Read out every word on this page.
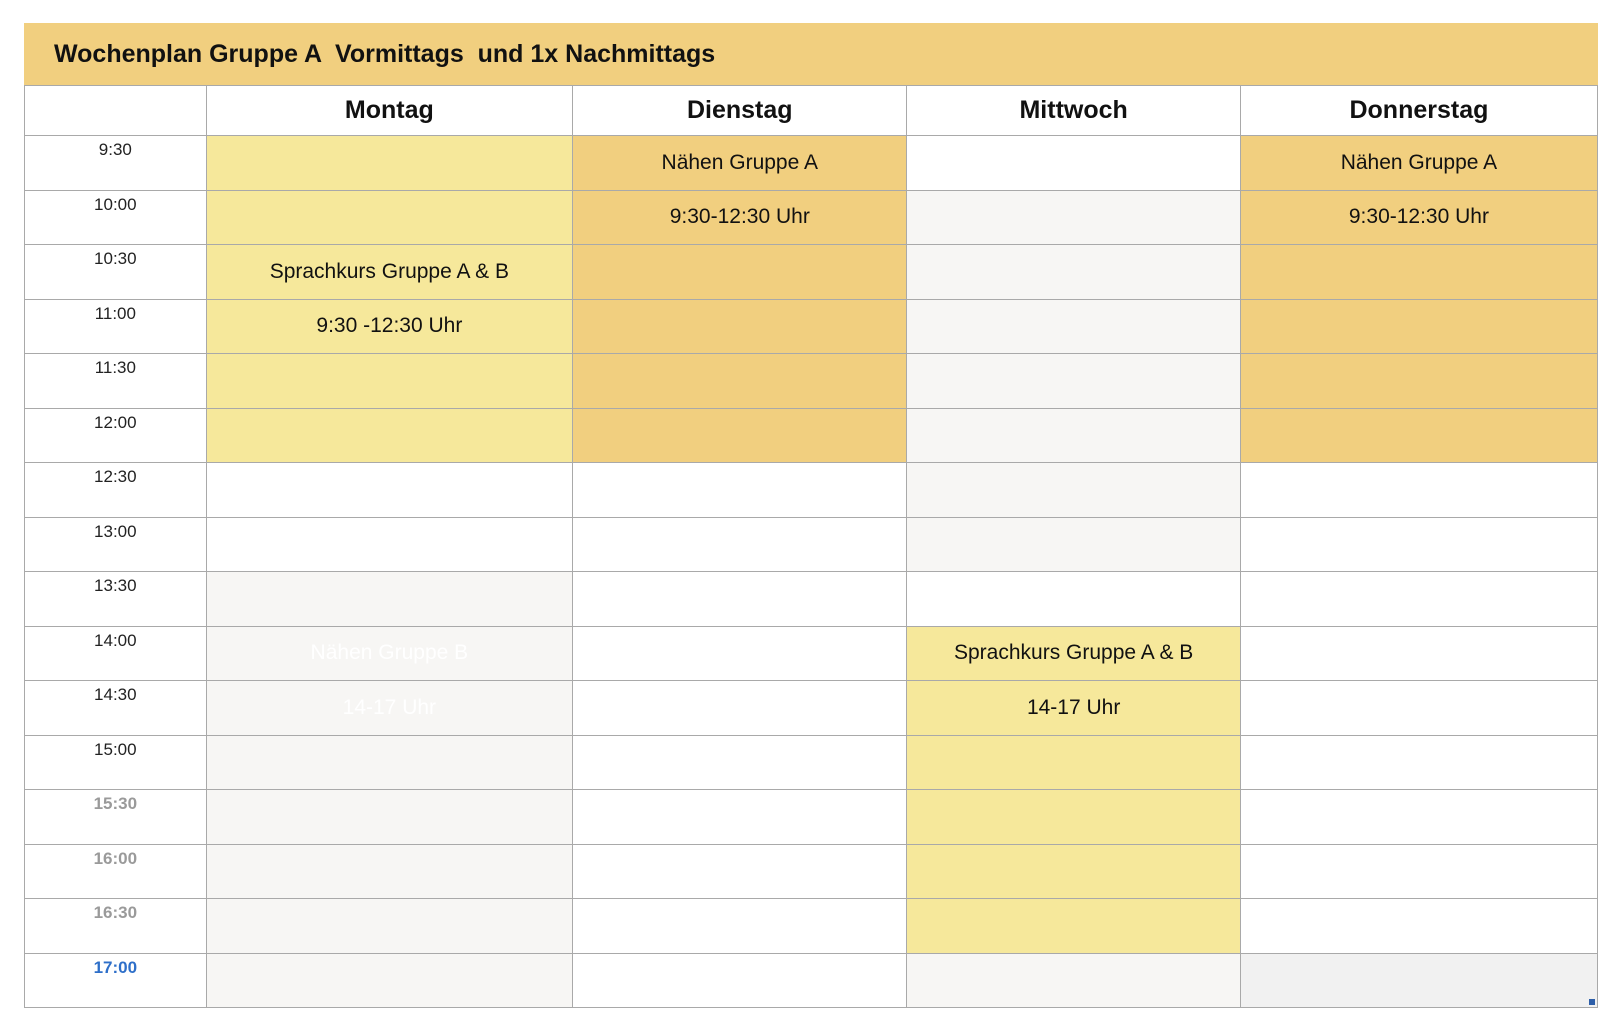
Wochenplan Gruppe A  Vormittags  und 1x Nachmittags
	Montag	Dienstag	Mittwoch	Donnerstag
9:30		Nähen Gruppe A		Nähen Gruppe A
10:00		9:30-12:30 Uhr		9:30-12:30 Uhr
10:30	Sprachkurs Gruppe A & B			
11:00	9:30 -12:30 Uhr			
11:30				
12:00				
12:30				
13:00				
13:30				
14:00	Nähen Gruppe B		Sprachkurs Gruppe A & B	
14:30	14-17 Uhr		14-17 Uhr	
15:00				
15:30				
16:00				
16:30				
17:00				
